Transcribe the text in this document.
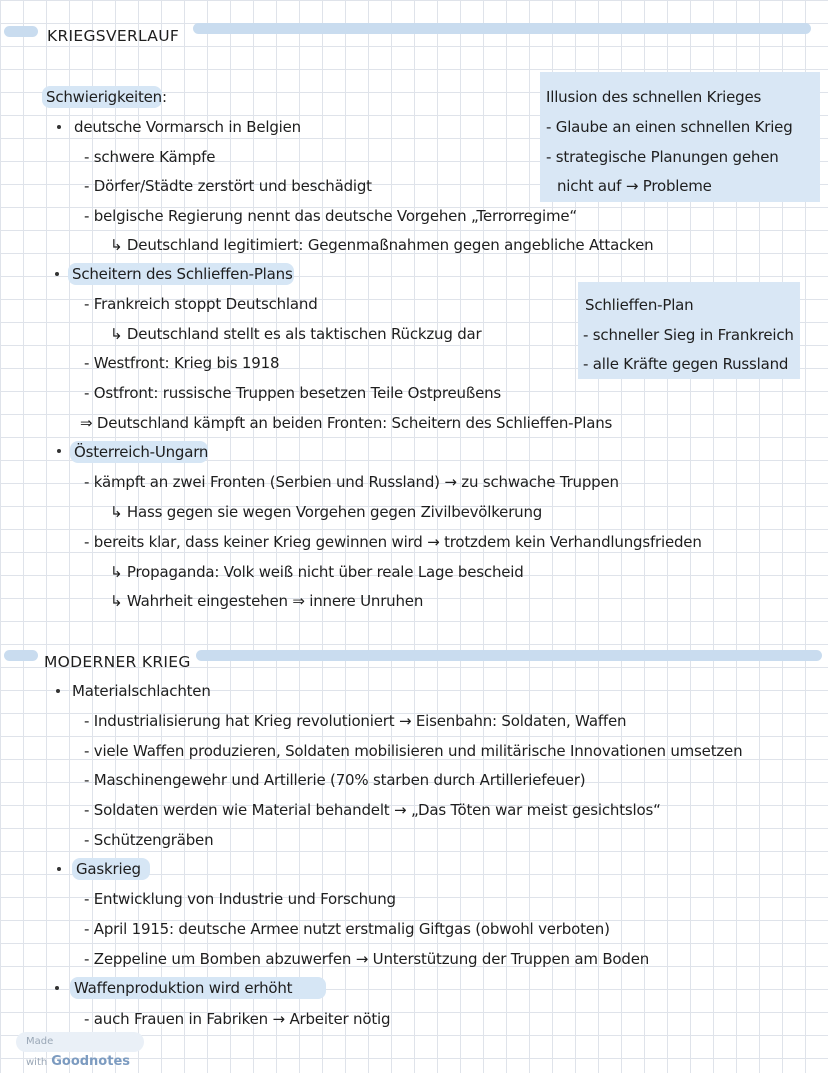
KRIEGSVERLAUF
Illusion des schnellen Krieges
- Glaube an einen schnellen Krieg
- strategische Planungen gehen
nicht auf → Probleme
Schlieffen-Plan
- schneller Sieg in Frankreich
- alle Kräfte gegen Russland
Schwierigkeiten:
deutsche Vormarsch in Belgien
- schwere Kämpfe
- Dörfer/Städte zerstört und beschädigt
- belgische Regierung nennt das deutsche Vorgehen „Terrorregime“
↳ Deutschland legitimiert: Gegenmaßnahmen gegen angebliche Attacken
Scheitern des Schlieffen-Plans
- Frankreich stoppt Deutschland
↳ Deutschland stellt es als taktischen Rückzug dar
- Westfront: Krieg bis 1918
- Ostfront: russische Truppen besetzen Teile Ostpreußens
⇒ Deutschland kämpft an beiden Fronten: Scheitern des Schlieffen-Plans
Österreich-Ungarn
- kämpft an zwei Fronten (Serbien und Russland) → zu schwache Truppen
↳ Hass gegen sie wegen Vorgehen gegen Zivilbevölkerung
- bereits klar, dass keiner Krieg gewinnen wird → trotzdem kein Verhandlungsfrieden
↳ Propaganda: Volk weiß nicht über reale Lage bescheid
↳ Wahrheit eingestehen ⇒ innere Unruhen
MODERNER KRIEG
Materialschlachten
- Industrialisierung hat Krieg revolutioniert → Eisenbahn: Soldaten, Waffen
- viele Waffen produzieren, Soldaten mobilisieren und militärische Innovationen umsetzen
- Maschinengewehr und Artillerie (70% starben durch Artilleriefeuer)
- Soldaten werden wie Material behandelt → „Das Töten war meist gesichtslos“
- Schützengräben
Gaskrieg
- Entwicklung von Industrie und Forschung
- April 1915: deutsche Armee nutzt erstmalig Giftgas (obwohl verboten)
- Zeppeline um Bomben abzuwerfen → Unterstützung der Truppen am Boden
Waffenproduktion wird erhöht
- auch Frauen in Fabriken → Arbeiter nötig
Made with Goodnotes
